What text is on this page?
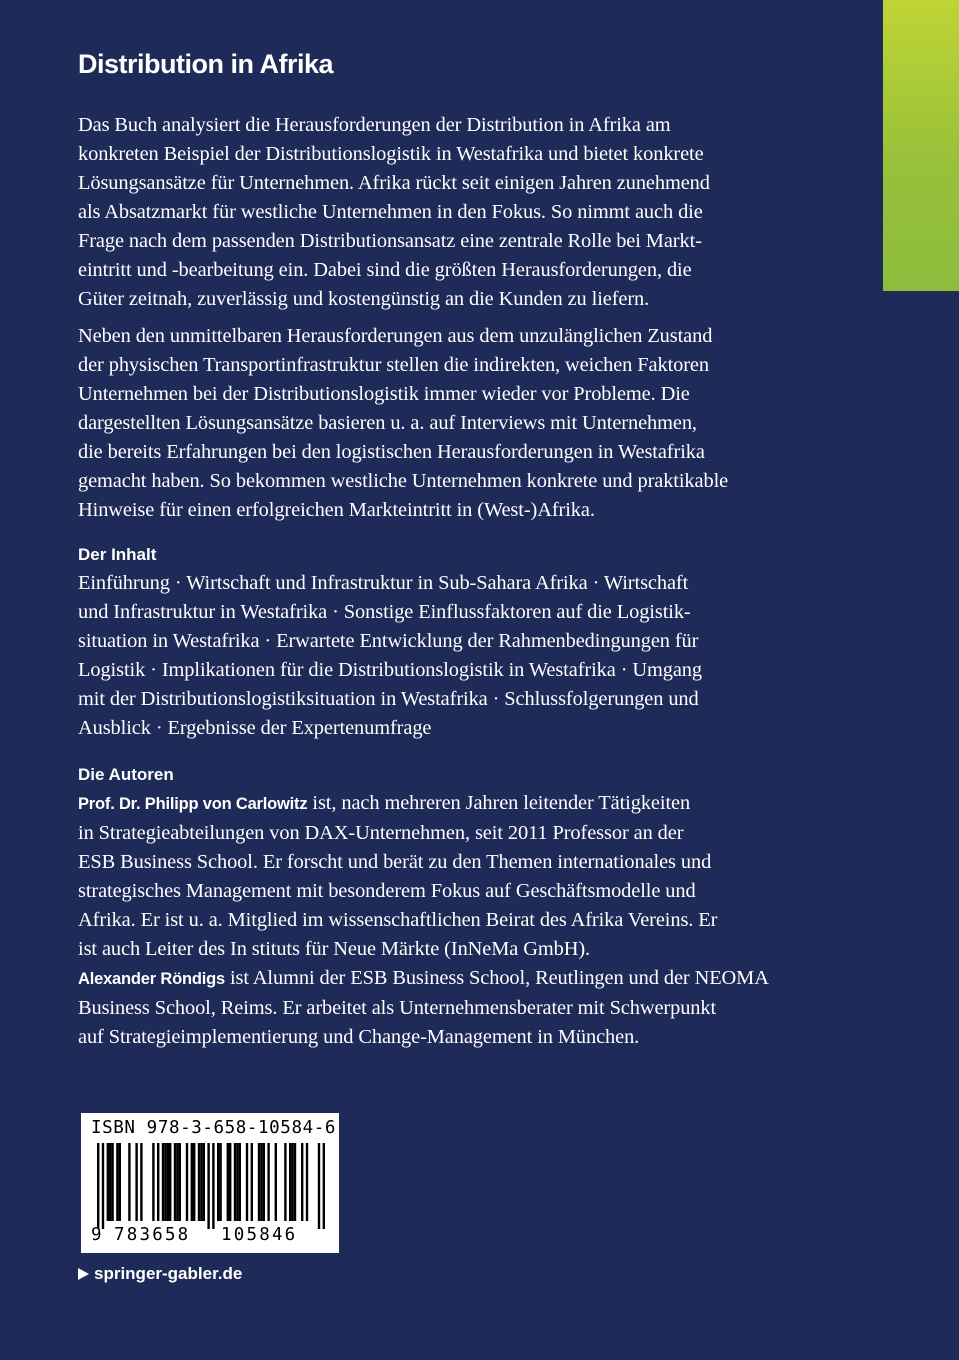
Distribution in Afrika

Das Buch analysiert die Herausforderungen der Distribution in Afrika am
konkreten Beispiel der Distributionslogistik in Westafrika und bietet konkrete
Lösungsansätze für Unternehmen. Afrika rückt seit einigen Jahren zunehmend
als Absatzmarkt für westliche Unternehmen in den Fokus. So nimmt auch die
Frage nach dem passenden Distributionsansatz eine zentrale Rolle bei Markt-
eintritt und -bearbeitung ein. Dabei sind die größten Herausforderungen, die
Güter zeitnah, zuverlässig und kostengünstig an die Kunden zu liefern.

Neben den unmittelbaren Herausforderungen aus dem unzulänglichen Zustand
der physischen Transportinfrastruktur stellen die indirekten, weichen Faktoren
Unternehmen bei der Distributionslogistik immer wieder vor Probleme. Die
dargestellten Lösungsansätze basieren u. a. auf Interviews mit Unternehmen,
die bereits Erfahrungen bei den logistischen Herausforderungen in Westafrika
gemacht haben. So bekommen westliche Unternehmen konkrete und praktikable
Hinweise für einen erfolgreichen Markteintritt in (West-)Afrika.

Der Inhalt

Einführung · Wirtschaft und Infrastruktur in Sub-Sahara Afrika · Wirtschaft
und Infrastruktur in Westafrika · Sonstige Einflussfaktoren auf die Logistik-
situation in Westafrika · Erwartete Entwicklung der Rahmenbedingungen für
Logistik · Implikationen für die Distributionslogistik in Westafrika · Umgang
mit der Distributionslogistiksituation in Westafrika · Schlussfolgerungen und
Ausblick · Ergebnisse der Expertenumfrage

Die Autoren

Prof. Dr. Philipp von Carlowitz ist, nach mehreren Jahren leitender Tätigkeiten
in Strategieabteilungen von DAX-Unternehmen, seit 2011 Professor an der
ESB Business School. Er forscht und berät zu den Themen internationales und
strategisches Management mit besonderem Fokus auf Geschäftsmodelle und
Afrika. Er ist u. a. Mitglied im wissenschaftlichen Beirat des Afrika Vereins. Er
ist auch Leiter des In stituts für Neue Märkte (InNeMa GmbH).
Alexander Röndigs ist Alumni der ESB Business School, Reutlingen und der NEOMA
Business School, Reims. Er arbeitet als Unternehmensberater mit Schwerpunkt
auf Strategieimplementierung und Change-Management in München.

ISBN 978-3-658-10584-6
9 783658 105846
springer-gabler.de
